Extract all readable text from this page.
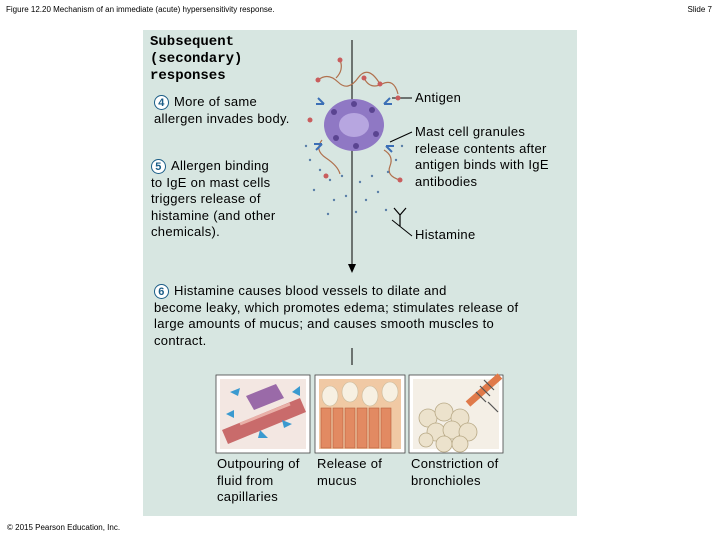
Figure 12.20 Mechanism of an immediate (acute) hypersensitivity response.	Slide 7
Subsequent
(secondary)
responses
4 More of same
allergen invades body.
5 Allergen binding
to IgE on mast cells triggers release of histamine (and other chemicals).
Antigen
Mast cell granules release contents after antigen binds with IgE antibodies
Histamine
6 Histamine causes blood vessels to dilate and
become leaky, which promotes edema; stimulates release of large amounts of mucus; and causes smooth muscles to contract.
Outpouring of fluid from capillaries
Release of mucus
Constriction of bronchioles
© 2015 Pearson Education, Inc.
